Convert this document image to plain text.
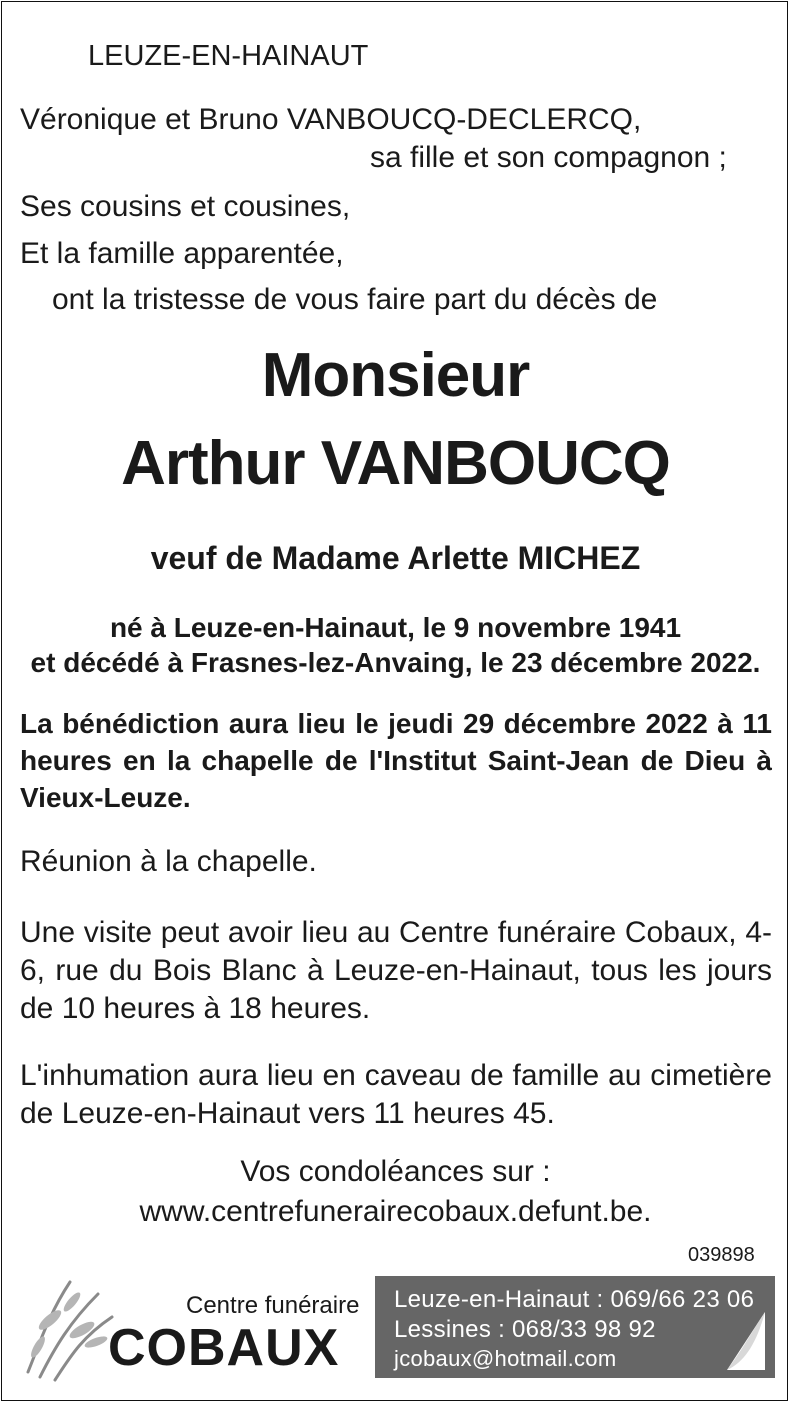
LEUZE-EN-HAINAUT
Véronique et Bruno VANBOUCQ-DECLERCQ,
sa fille et son compagnon ;
Ses cousins et cousines,
Et la famille apparentée,
ont la tristesse de vous faire part du décès de
Monsieur
Arthur VANBOUCQ
veuf de Madame Arlette MICHEZ
né à Leuze-en-Hainaut, le 9 novembre 1941
et décédé à Frasnes-lez-Anvaing, le 23 décembre 2022.
La bénédiction aura lieu le jeudi 29 décembre 2022 à 11 heures en la chapelle de l'Institut Saint-Jean de Dieu à Vieux-Leuze.
Réunion à la chapelle.
Une visite peut avoir lieu au Centre funéraire Cobaux, 4-6, rue du Bois Blanc à Leuze-en-Hainaut, tous les jours de 10 heures à 18 heures.
L'inhumation aura lieu en caveau de famille au cimetière de Leuze-en-Hainaut vers 11 heures 45.
Vos condoléances sur :
www.centrefunerairecobaux.defunt.be.
039898
Centre funéraire
COBAUX
Leuze-en-Hainaut : 069/66 23 06
Lessines : 068/33 98 92
jcobaux@hotmail.com
